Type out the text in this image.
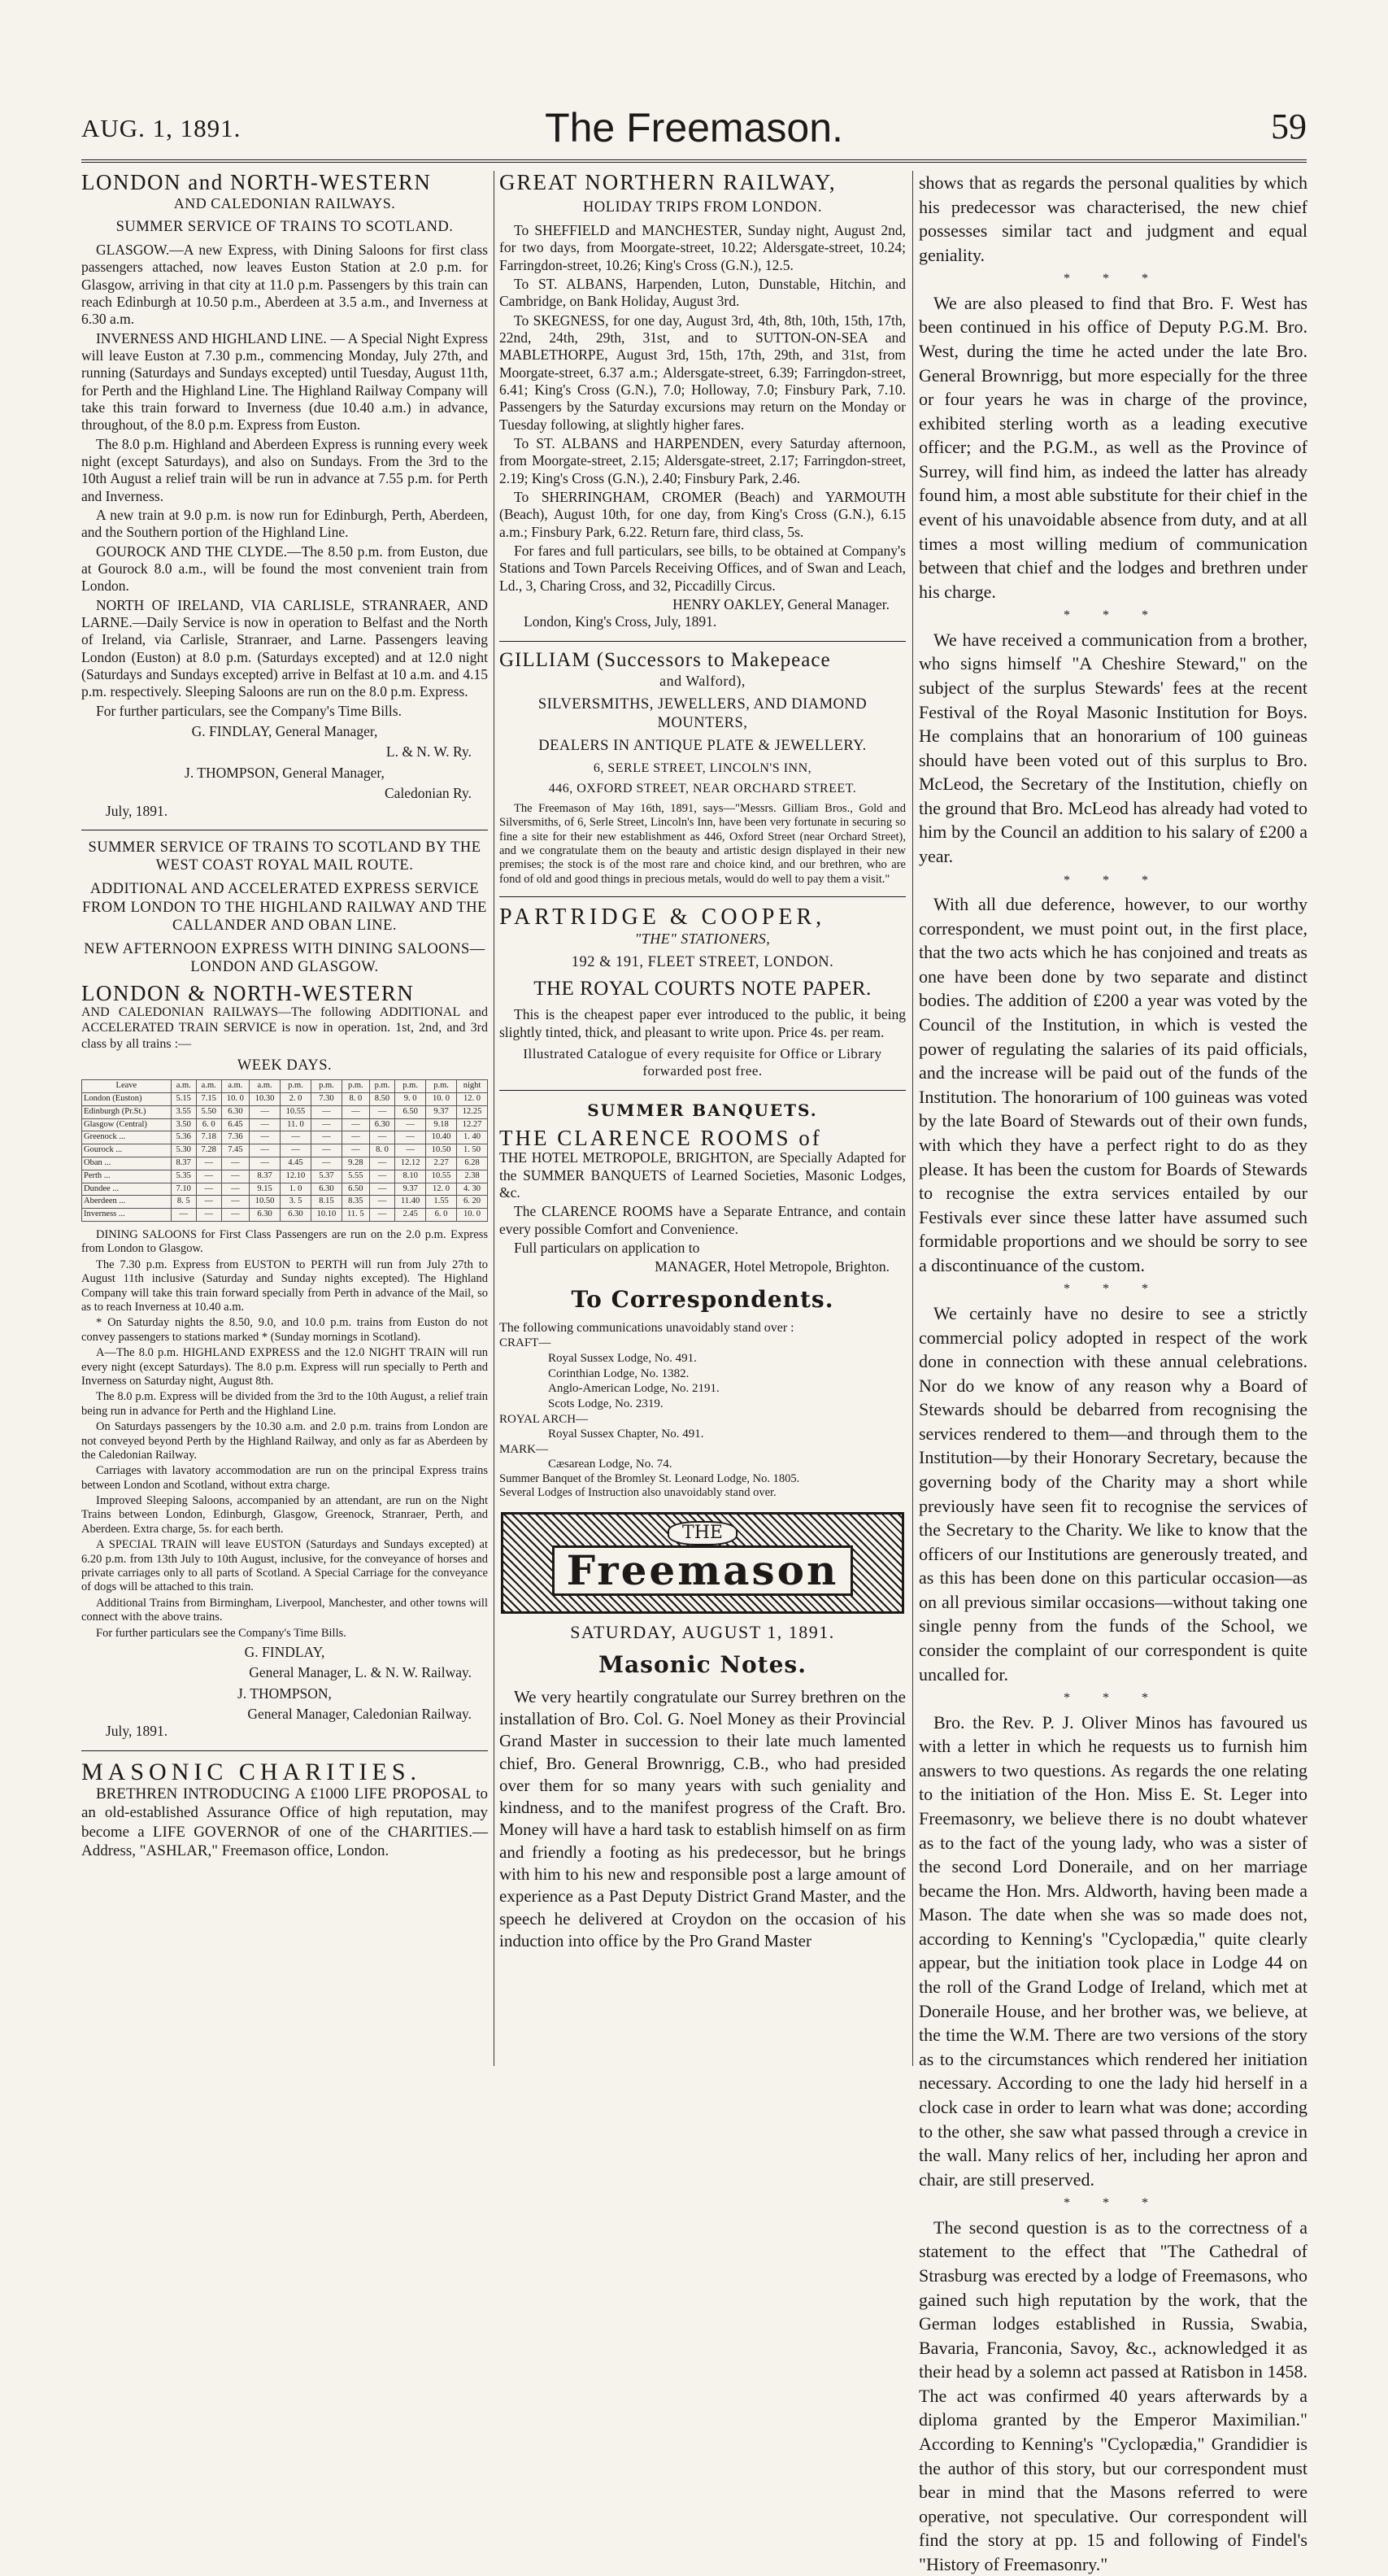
AUG. 1, 1891.	The Freemason.	59
LONDON and NORTH-WESTERN
AND CALEDONIAN RAILWAYS.
SUMMER SERVICE OF TRAINS TO SCOTLAND.

GLASGOW.—A new Express, with Dining Saloons for first class passengers attached, now leaves Euston Station at 2.0 p.m. for Glasgow, arriving in that city at 11.0 p.m. Passengers by this train can reach Edinburgh at 10.50 p.m., Aberdeen at 3.5 a.m., and Inverness at 6.30 a.m.

INVERNESS AND HIGHLAND LINE. — A Special Night Express will leave Euston at 7.30 p.m., commencing Monday, July 27th, and running (Saturdays and Sundays excepted) until Tuesday, August 11th, for Perth and the Highland Line. The Highland Railway Company will take this train forward to Inverness (due 10.40 a.m.) in advance, throughout, of the 8.0 p.m. Express from Euston.

The 8.0 p.m. Highland and Aberdeen Express is running every week night (except Saturdays), and also on Sundays. From the 3rd to the 10th August a relief train will be run in advance at 7.55 p.m. for Perth and Inverness.

A new train at 9.0 p.m. is now run for Edinburgh, Perth, Aberdeen, and the Southern portion of the Highland Line.

GOUROCK AND THE CLYDE.—The 8.50 p.m. from Euston, due at Gourock 8.0 a.m., will be found the most convenient train from London.

NORTH OF IRELAND, VIA CARLISLE, STRANRAER, AND LARNE.—Daily Service is now in operation to Belfast and the North of Ireland, via Carlisle, Stranraer, and Larne. Passengers leaving London (Euston) at 8.0 p.m. (Saturdays excepted) and at 12.0 night (Saturdays and Sundays excepted) arrive in Belfast at 10 a.m. and 4.15 p.m. respectively. Sleeping Saloons are run on the 8.0 p.m. Express.

For further particulars, see the Company's Time Bills.

G. FINDLAY, General Manager,
L. & N. W. Ry.
J. THOMPSON, General Manager,
Caledonian Ry.
July, 1891.
SUMMER SERVICE OF TRAINS TO SCOTLAND BY THE WEST COAST ROYAL MAIL ROUTE.
ADDITIONAL AND ACCELERATED EXPRESS SERVICE FROM LONDON TO THE HIGHLAND RAILWAY AND THE CALLANDER AND OBAN LINE.
NEW AFTERNOON EXPRESS WITH DINING SALOONS—LONDON AND GLASGOW.
LONDON & NORTH-WESTERN
AND CALEDONIAN RAILWAYS—The following ADDITIONAL and ACCELERATED TRAIN SERVICE is now in operation. 1st, 2nd, and 3rd class by all trains :—
WEEK DAYS.
Leave	a.m.	a.m.	a.m.	a.m.	p.m.	p.m.	p.m.	p.m.	p.m.	p.m.	night
London (Euston)	5.15	7.15	10. 0	10.30	2. 0	7.30	8. 0	8.50	9. 0	10. 0	12. 0
Edinburgh (Pr.St.)	3.55	5.50	6.30	—	10.55	—	—	—	6.50	9.37	12.25
Glasgow (Central)	3.50	6. 0	6.45	—	11. 0	—	—	6.30	—	9.18	12.27
Greenock ...	5.36	7.18	7.36	—	—	—	—	—	—	10.40	1. 40
Gourock ...	5.30	7.28	7.45	—	—	—	—	8. 0	—	10.50	1. 50
Oban ...	8.37	—	—	—	4.45	—	9.28	—	12.12	2.27	6.28
Perth ...	5.35	—	—	8.37	12.10	5.37	5.55	—	8.10	10.55	2.38
Dundee ...	7.10	—	—	9.15	1. 0	6.30	6.50	—	9.37	12. 0	4. 30
Aberdeen ...	8. 5	—	—	10.50	3. 5	8.15	8.35	—	11.40	1.55	6. 20
Inverness ...	—	—	—	6.30	6.30	10.10	11. 5	—	2.45	6. 0	10. 0

DINING SALOONS for First Class Passengers are run on the 2.0 p.m. Express from London to Glasgow.

The 7.30 p.m. Express from EUSTON to PERTH will run from July 27th to August 11th inclusive (Saturday and Sunday nights excepted). The Highland Company will take this train forward specially from Perth in advance of the Mail, so as to reach Inverness at 10.40 a.m.

* On Saturday nights the 8.50, 9.0, and 10.0 p.m. trains from Euston do not convey passengers to stations marked * (Sunday mornings in Scotland).

A—The 8.0 p.m. HIGHLAND EXPRESS and the 12.0 NIGHT TRAIN will run every night (except Saturdays). The 8.0 p.m. Express will run specially to Perth and Inverness on Saturday night, August 8th.

The 8.0 p.m. Express will be divided from the 3rd to the 10th August, a relief train being run in advance for Perth and the Highland Line.

On Saturdays passengers by the 10.30 a.m. and 2.0 p.m. trains from London are not conveyed beyond Perth by the Highland Railway, and only as far as Aberdeen by the Caledonian Railway.

Carriages with lavatory accommodation are run on the principal Express trains between London and Scotland, without extra charge.

Improved Sleeping Saloons, accompanied by an attendant, are run on the Night Trains between London, Edinburgh, Glasgow, Greenock, Stranraer, Perth, and Aberdeen. Extra charge, 5s. for each berth.

A SPECIAL TRAIN will leave EUSTON (Saturdays and Sundays excepted) at 6.20 p.m. from 13th July to 10th August, inclusive, for the conveyance of horses and private carriages only to all parts of Scotland. A Special Carriage for the conveyance of dogs will be attached to this train.

Additional Trains from Birmingham, Liverpool, Manchester, and other towns will connect with the above trains.

For further particulars see the Company's Time Bills.

G. FINDLAY,
General Manager, L. & N. W. Railway.
J. THOMPSON,
General Manager, Caledonian Railway.
July, 1891.
MASONIC CHARITIES.

BRETHREN INTRODUCING A £1000 LIFE PROPOSAL to an old-established Assurance Office of high reputation, may become a LIFE GOVERNOR of one of the CHARITIES.—Address, "ASHLAR," Freemason office, London.

GREAT NORTHERN RAILWAY,
HOLIDAY TRIPS FROM LONDON.

To SHEFFIELD and MANCHESTER, Sunday night, August 2nd, for two days, from Moorgate-street, 10.22; Aldersgate-street, 10.24; Farringdon-street, 10.26; King's Cross (G.N.), 12.5.

To ST. ALBANS, Harpenden, Luton, Dunstable, Hitchin, and Cambridge, on Bank Holiday, August 3rd.

To SKEGNESS, for one day, August 3rd, 4th, 8th, 10th, 15th, 17th, 22nd, 24th, 29th, 31st, and to SUTTON-ON-SEA and MABLETHORPE, August 3rd, 15th, 17th, 29th, and 31st, from Moorgate-street, 6.37 a.m.; Aldersgate-street, 6.39; Farringdon-street, 6.41; King's Cross (G.N.), 7.0; Holloway, 7.0; Finsbury Park, 7.10. Passengers by the Saturday excursions may return on the Monday or Tuesday following, at slightly higher fares.

To ST. ALBANS and HARPENDEN, every Saturday afternoon, from Moorgate-street, 2.15; Aldersgate-street, 2.17; Farringdon-street, 2.19; King's Cross (G.N.), 2.40; Finsbury Park, 2.46.

To SHERRINGHAM, CROMER (Beach) and YARMOUTH (Beach), August 10th, for one day, from King's Cross (G.N.), 6.15 a.m.; Finsbury Park, 6.22. Return fare, third class, 5s.

For fares and full particulars, see bills, to be obtained at Company's Stations and Town Parcels Receiving Offices, and of Swan and Leach, Ld., 3, Charing Cross, and 32, Piccadilly Circus.

HENRY OAKLEY, General Manager.
London, King's Cross, July, 1891.
GILLIAM (Successors to Makepeace
and Walford),
SILVERSMITHS, JEWELLERS, AND DIAMOND MOUNTERS,
DEALERS IN ANTIQUE PLATE & JEWELLERY.
6, SERLE STREET, LINCOLN'S INN,
446, OXFORD STREET, NEAR ORCHARD STREET.

The Freemason of May 16th, 1891, says—"Messrs. Gilliam Bros., Gold and Silversmiths, of 6, Serle Street, Lincoln's Inn, have been very fortunate in securing so fine a site for their new establishment as 446, Oxford Street (near Orchard Street), and we congratulate them on the beauty and artistic design displayed in their new premises; the stock is of the most rare and choice kind, and our brethren, who are fond of old and good things in precious metals, would do well to pay them a visit."

PARTRIDGE & COOPER,
"THE" STATIONERS,
192 & 191, FLEET STREET, LONDON.
THE ROYAL COURTS NOTE PAPER.

This is the cheapest paper ever introduced to the public, it being slightly tinted, thick, and pleasant to write upon. Price 4s. per ream.

Illustrated Catalogue of every requisite for Office or Library forwarded post free.
SUMMER BANQUETS.
THE CLARENCE ROOMS of

THE HOTEL METROPOLE, BRIGHTON, are Specially Adapted for the SUMMER BANQUETS of Learned Societies, Masonic Lodges, &c.

The CLARENCE ROOMS have a Separate Entrance, and contain every possible Comfort and Convenience.

Full particulars on application to

MANAGER, Hotel Metropole, Brighton.
To Correspondents.
The following communications unavoidably stand over :
CRAFT—
Royal Sussex Lodge, No. 491.
Corinthian Lodge, No. 1382.
Anglo-American Lodge, No. 2191.
Scots Lodge, No. 2319.
ROYAL ARCH—
Royal Sussex Chapter, No. 491.
MARK—
Cæsarean Lodge, No. 74.
Summer Banquet of the Bromley St. Leonard Lodge, No. 1805.
Several Lodges of Instruction also unavoidably stand over.
THE
Freemason
SATURDAY, AUGUST 1, 1891.
Masonic Notes.

We very heartily congratulate our Surrey brethren on the installation of Bro. Col. G. Noel Money as their Provincial Grand Master in succession to their late much lamented chief, Bro. General Brownrigg, C.B., who had presided over them for so many years with such geniality and kindness, and to the manifest progress of the Craft. Bro. Money will have a hard task to establish himself on as firm and friendly a footing as his predecessor, but he brings with him to his new and responsible post a large amount of experience as a Past Deputy District Grand Master, and the speech he delivered at Croydon on the occasion of his induction into office by the Pro Grand Master

shows that as regards the personal qualities by which his predecessor was characterised, the new chief possesses similar tact and judgment and equal geniality.

* * *

We are also pleased to find that Bro. F. West has been continued in his office of Deputy P.G.M. Bro. West, during the time he acted under the late Bro. General Brownrigg, but more especially for the three or four years he was in charge of the province, exhibited sterling worth as a leading executive officer; and the P.G.M., as well as the Province of Surrey, will find him, as indeed the latter has already found him, a most able substitute for their chief in the event of his unavoidable absence from duty, and at all times a most willing medium of communication between that chief and the lodges and brethren under his charge.

* * *

We have received a communication from a brother, who signs himself "A Cheshire Steward," on the subject of the surplus Stewards' fees at the recent Festival of the Royal Masonic Institution for Boys. He complains that an honorarium of 100 guineas should have been voted out of this surplus to Bro. McLeod, the Secretary of the Institution, chiefly on the ground that Bro. McLeod has already had voted to him by the Council an addition to his salary of £200 a year.

* * *

With all due deference, however, to our worthy correspondent, we must point out, in the first place, that the two acts which he has conjoined and treats as one have been done by two separate and distinct bodies. The addition of £200 a year was voted by the Council of the Institution, in which is vested the power of regulating the salaries of its paid officials, and the increase will be paid out of the funds of the Institution. The honorarium of 100 guineas was voted by the late Board of Stewards out of their own funds, with which they have a perfect right to do as they please. It has been the custom for Boards of Stewards to recognise the extra services entailed by our Festivals ever since these latter have assumed such formidable proportions and we should be sorry to see a discontinuance of the custom.

* * *

We certainly have no desire to see a strictly commercial policy adopted in respect of the work done in connection with these annual celebrations. Nor do we know of any reason why a Board of Stewards should be debarred from recognising the services rendered to them—and through them to the Institution—by their Honorary Secretary, because the governing body of the Charity may a short while previously have seen fit to recognise the services of the Secretary to the Charity. We like to know that the officers of our Institutions are generously treated, and as this has been done on this particular occasion—as on all previous similar occasions—without taking one single penny from the funds of the School, we consider the complaint of our correspondent is quite uncalled for.

* * *

Bro. the Rev. P. J. Oliver Minos has favoured us with a letter in which he requests us to furnish him answers to two questions. As regards the one relating to the initiation of the Hon. Miss E. St. Leger into Freemasonry, we believe there is no doubt whatever as to the fact of the young lady, who was a sister of the second Lord Doneraile, and on her marriage became the Hon. Mrs. Aldworth, having been made a Mason. The date when she was so made does not, according to Kenning's "Cyclopædia," quite clearly appear, but the initiation took place in Lodge 44 on the roll of the Grand Lodge of Ireland, which met at Doneraile House, and her brother was, we believe, at the time the W.M. There are two versions of the story as to the circumstances which rendered her initiation necessary. According to one the lady hid herself in a clock case in order to learn what was done; according to the other, she saw what passed through a crevice in the wall. Many relics of her, including her apron and chair, are still preserved.

* * *

The second question is as to the correctness of a statement to the effect that "The Cathedral of Strasburg was erected by a lodge of Freemasons, who gained such high reputation by the work, that the German lodges established in Russia, Swabia, Bavaria, Franconia, Savoy, &c., acknowledged it as their head by a solemn act passed at Ratisbon in 1458. The act was confirmed 40 years afterwards by a diploma granted by the Emperor Maximilian." According to Kenning's "Cyclopædia," Grandidier is the author of this story, but our correspondent must bear in mind that the Masons referred to were operative, not speculative. Our correspondent will find the story at pp. 15 and following of Findel's "History of Freemasonry."
